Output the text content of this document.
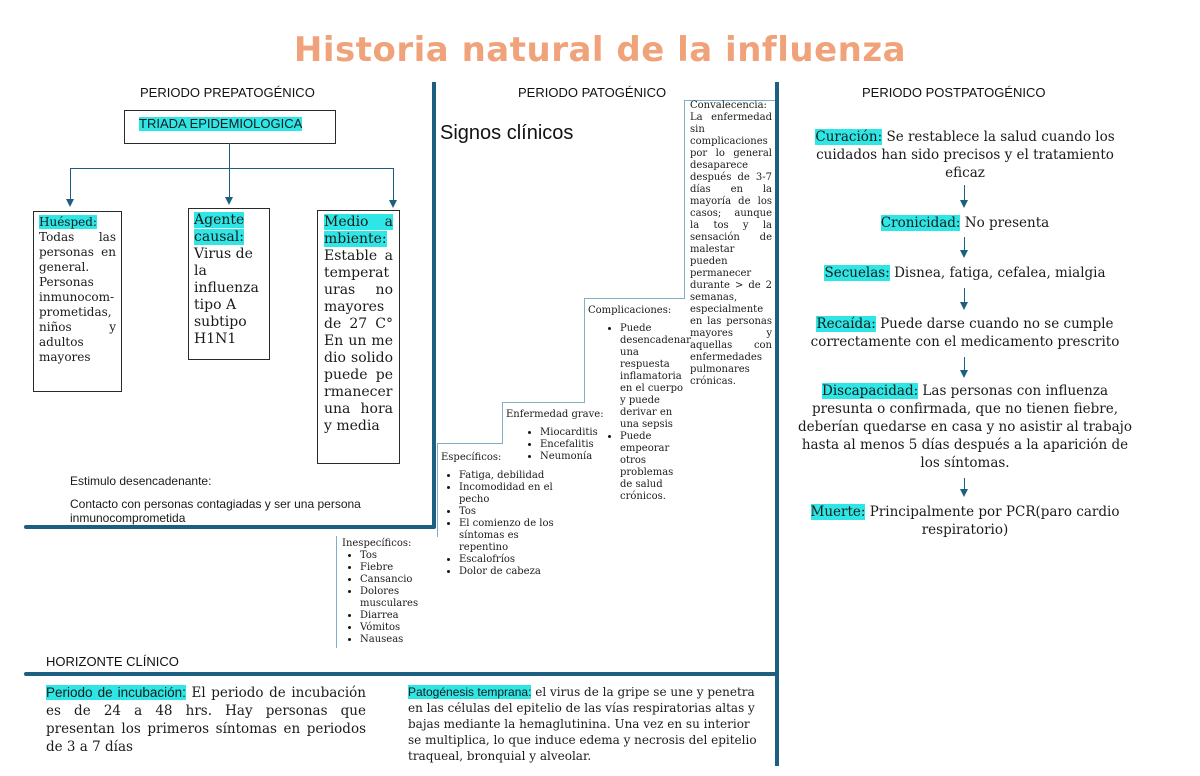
Historia natural de la influenza
PERIODO PREPATOGÉNICO	PERIODO PATOGÉNICO	PERIODO POSTPATOGÉNICO
TRIADA EPIDEMIOLOGICA
Huésped:
Todas las personas en general. Personas inmunocom-prometidas, niños y adultos mayores
Agente causal:
Virus de la influenza tipo A subtipo H1N1
Medio ambiente:
Estable a temperaturas no mayores de 27 C° En un medio solido puede permanecer una hora y media
Estimulo desencadenante:
Contacto con personas contagiadas y ser una persona inmunocomprometida
Signos clínicos
Inespecíficos:
• Tos
• Fiebre
• Cansancio
• Dolores musculares
• Diarrea
• Vómitos
• Nauseas
Específicos:
• Fatiga, debilidad
• Incomodidad en el pecho
• Tos
• El comienzo de los síntomas es repentino
• Escalofríos
• Dolor de cabeza
Enfermedad grave:
• Miocarditis
• Encefalitis
• Neumonía
Complicaciones:
• Puede desencadenar una respuesta inflamatoria en el cuerpo y puede derivar en una sepsis
• Puede empeorar otros problemas de salud crónicos.
Convalecencia:
La enfermedad sin complicaciones por lo general desaparece después de 3-7 días en la mayoría de los casos; aunque la tos y la sensación de malestar pueden permanecer durante > de 2 semanas, especialmente en las personas mayores y aquellas con enfermedades pulmonares crónicas.
Curación: Se restablece la salud cuando los cuidados han sido precisos y el tratamiento eficaz
Cronicidad: No presenta
Secuelas: Disnea, fatiga, cefalea, mialgia
Recaída: Puede darse cuando no se cumple correctamente con el medicamento prescrito
Discapacidad: Las personas con influenza presunta o confirmada, que no tienen fiebre, deberían quedarse en casa y no asistir al trabajo hasta al menos 5 días después a la aparición de los síntomas.
Muerte: Principalmente por PCR(paro cardio respiratorio)
HORIZONTE CLÍNICO
Periodo de incubación: El periodo de incubación es de 24 a 48 hrs. Hay personas que presentan los primeros síntomas en periodos de 3 a 7 días
Patogénesis temprana: el virus de la gripe se une y penetra en las células del epitelio de las vías respiratorias altas y bajas mediante la hemaglutinina. Una vez en su interior se multiplica, lo que induce edema y necrosis del epitelio traqueal, bronquial y alveolar.
